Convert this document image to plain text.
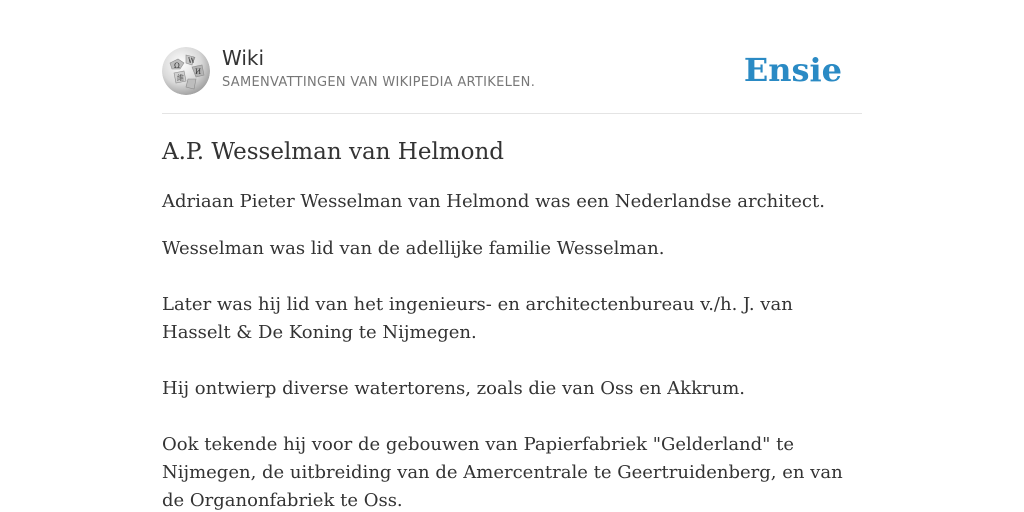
Ω
W
И
維
Wiki
SAMENVATTINGEN VAN WIKIPEDIA ARTIKELEN.	Ensie
A.P. Wesselman van Helmond

Adriaan Pieter Wesselman van Helmond was een Nederlandse architect.

Wesselman was lid van de adellijke familie Wesselman.

Later was hij lid van het ingenieurs- en architectenbureau v./h. J. van Hasselt & De Koning te Nijmegen.

Hij ontwierp diverse watertorens, zoals die van Oss en Akkrum.

Ook tekende hij voor de gebouwen van Papierfabriek "Gelderland" te Nijmegen, de uitbreiding van de Amercentrale te Geertruidenberg, en van de Organonfabriek te Oss.
